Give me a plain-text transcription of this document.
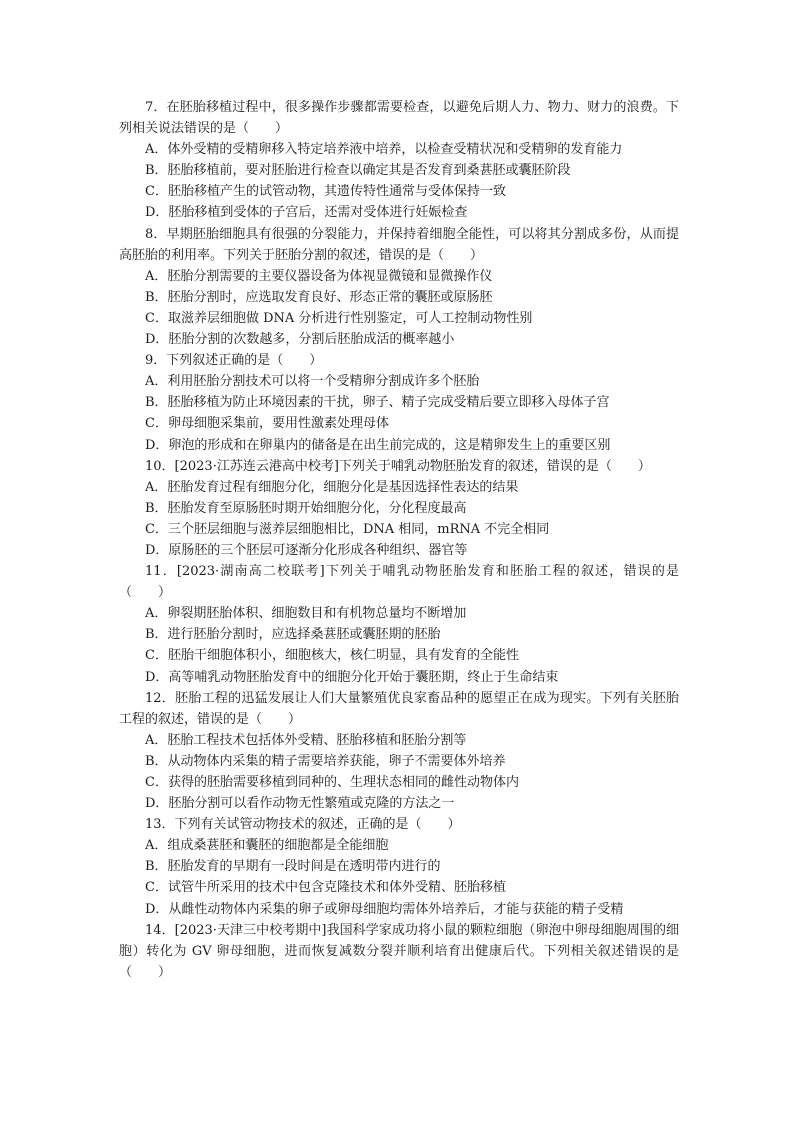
7．在胚胎移植过程中，很多操作步骤都需要检查，以避免后期人力、物力、财力的浪费。下列相关说法错误的是（　　）

A．体外受精的受精卵移入特定培养液中培养，以检查受精状况和受精卵的发育能力

B．胚胎移植前，要对胚胎进行检查以确定其是否发育到桑葚胚或囊胚阶段

C．胚胎移植产生的试管动物，其遗传特性通常与受体保持一致

D．胚胎移植到受体的子宫后，还需对受体进行妊娠检查

8．早期胚胎细胞具有很强的分裂能力，并保持着细胞全能性，可以将其分割成多份，从而提高胚胎的利用率。下列关于胚胎分割的叙述，错误的是（　　）

A．胚胎分割需要的主要仪器设备为体视显微镜和显微操作仪

B．胚胎分割时，应选取发育良好、形态正常的囊胚或原肠胚

C．取滋养层细胞做 DNA 分析进行性别鉴定，可人工控制动物性别

D．胚胎分割的次数越多，分割后胚胎成活的概率越小

9．下列叙述正确的是（　　）

A．利用胚胎分割技术可以将一个受精卵分割成许多个胚胎

B．胚胎移植为防止环境因素的干扰，卵子、精子完成受精后要立即移入母体子宫

C．卵母细胞采集前，要用性激素处理母体

D．卵泡的形成和在卵巢内的储备是在出生前完成的，这是精卵发生上的重要区别

10．[2023·江苏连云港高中校考]下列关于哺乳动物胚胎发育的叙述，错误的是（　　）

A．胚胎发育过程有细胞分化，细胞分化是基因选择性表达的结果

B．胚胎发育至原肠胚时期开始细胞分化，分化程度最高

C．三个胚层细胞与滋养层细胞相比，DNA 相同，mRNA 不完全相同

D．原肠胚的三个胚层可逐渐分化形成各种组织、器官等

11．[2023·湖南高二校联考]下列关于哺乳动物胚胎发育和胚胎工程的叙述，错误的是（　　）

A．卵裂期胚胎体积、细胞数目和有机物总量均不断增加

B．进行胚胎分割时，应选择桑葚胚或囊胚期的胚胎

C．胚胎干细胞体积小，细胞核大，核仁明显，具有发育的全能性

D．高等哺乳动物胚胎发育中的细胞分化开始于囊胚期，终止于生命结束

12．胚胎工程的迅猛发展让人们大量繁殖优良家畜品种的愿望正在成为现实。下列有关胚胎工程的叙述，错误的是（　　）

A．胚胎工程技术包括体外受精、胚胎移植和胚胎分割等

B．从动物体内采集的精子需要培养获能，卵子不需要体外培养

C．获得的胚胎需要移植到同种的、生理状态相同的雌性动物体内

D．胚胎分割可以看作动物无性繁殖或克隆的方法之一

13．下列有关试管动物技术的叙述，正确的是（　　）

A．组成桑葚胚和囊胚的细胞都是全能细胞

B．胚胎发育的早期有一段时间是在透明带内进行的

C．试管牛所采用的技术中包含克隆技术和体外受精、胚胎移植

D．从雌性动物体内采集的卵子或卵母细胞均需体外培养后，才能与获能的精子受精

14．[2023·天津三中校考期中]我国科学家成功将小鼠的颗粒细胞（卵泡中卵母细胞周围的细胞）转化为 GV 卵母细胞，进而恢复减数分裂并顺利培育出健康后代。下列相关叙述错误的是（　　）
